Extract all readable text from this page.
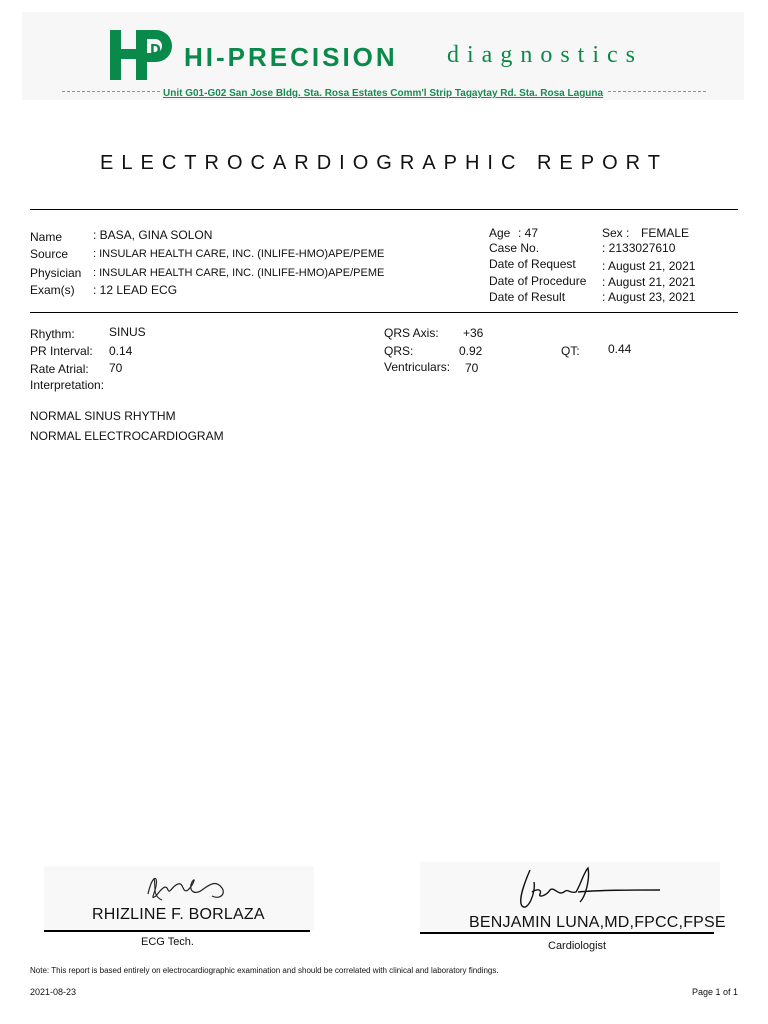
D HI-PRECISION diagnostics
Unit G01-G02 San Jose Bldg. Sta. Rosa Estates Comm'l Strip Tagaytay Rd. Sta. Rosa Laguna
ELECTROCARDIOGRAPHIC REPORT
Name	: BASA, GINA SOLON
Source : INSULAR HEALTH CARE, INC. (INLIFE-HMO)APE/PEME
Physician : INSULAR HEALTH CARE, INC. (INLIFE-HMO)APE/PEME
Exam(s) : 12 LEAD ECG
Age : 47	Sex : FEMALE
Case No.	: 2133027610
Date of Request : August 21, 2021
Date of Procedure : August 21, 2021
Date of Result	: August 23, 2021
Rhythm:	SINUS
PR Interval: 0.14
Rate Atrial: 70
Interpretation:
QRS Axis: +36
QRS:	0.92
Ventriculars: 70
QT: 0.44
NORMAL SINUS RHYTHM
NORMAL ELECTROCARDIOGRAM
RHIZLINE F. BORLAZA
ECG Tech.
BENJAMIN LUNA,MD,FPCC,FPSE
Cardiologist
Note: This report is based entirely on electrocardiographic examination and should be correlated with clinical and laboratory findings.
2021-08-23	Page 1 of 1
